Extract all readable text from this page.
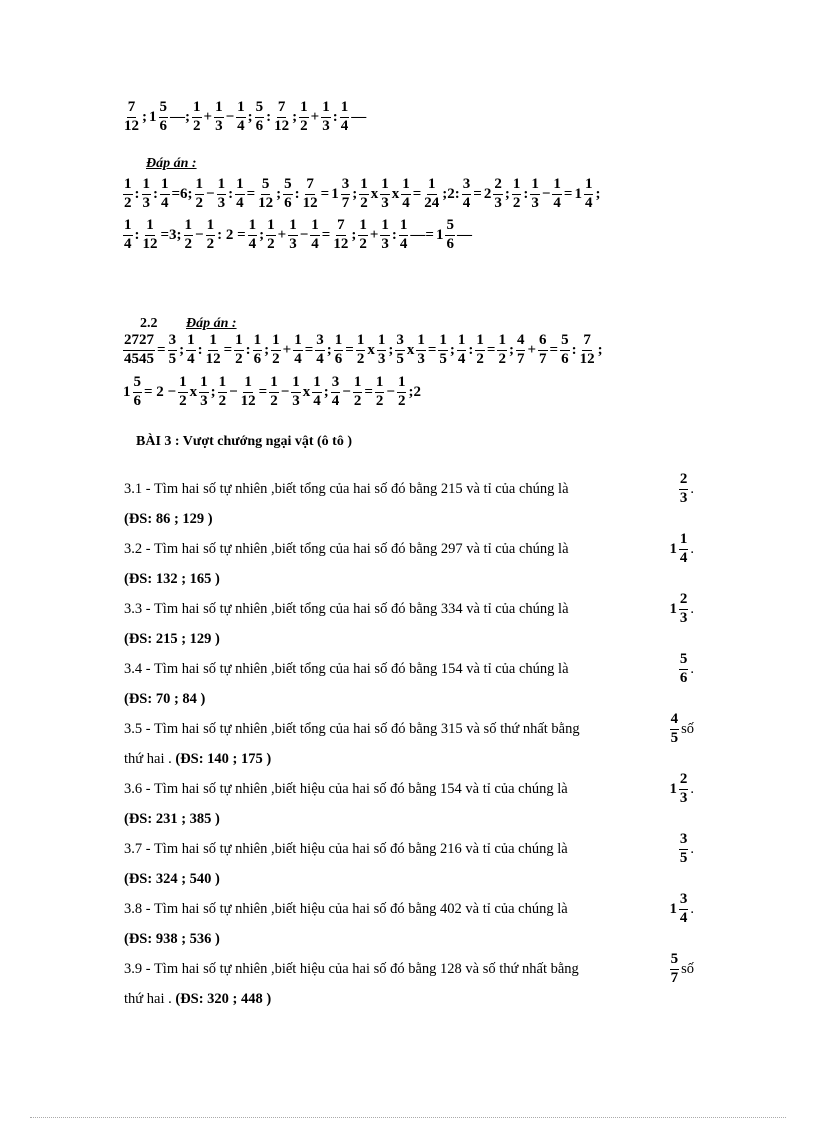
$\frac{7}{12}$ ; $1 \frac{5}{6}$ —; $\frac{1}{2} + \frac{1}{3} - \frac{1}{4}$ ; $\frac{5}{6}$ : $\frac{7}{12}$ ; $\frac{1}{2} + \frac{1}{3}$ : $\frac{1}{4}$ —
Đáp án :
$\frac{1}{2}$ : $\frac{1}{3}$ : $\frac{1}{4} =6$; $\frac{1}{2} - \frac{1}{3}$ : $\frac{1}{4} = \frac{5}{12}$ ; $\frac{5}{6}$ : $\frac{7}{12} = 1 \frac{3}{7}$ ; $\frac{1}{2}$ x $\frac{1}{3}$ x $\frac{1}{4} = \frac{1}{24}$ ;2: $\frac{3}{4} = 2 \frac{2}{3}$ ; $\frac{1}{2}$ : $\frac{1}{3} - \frac{1}{4} = 1 \frac{1}{4}$ ;
$\frac{1}{4}$ : $\frac{1}{12} =3$; $\frac{1}{2} - \frac{1}{2}$ : $2 = \frac{1}{4}$ ; $\frac{1}{2} + \frac{1}{3} - \frac{1}{4} = \frac{7}{12}$ ; $\frac{1}{2} + \frac{1}{3}$ : $\frac{1}{4}$ —= $1 \frac{5}{6}$ —
2.2 Đáp án :
$\frac{2727}{4545} = \frac{3}{5}$ ; $\frac{1}{4}$ : $\frac{1}{12} = \frac{1}{2}$ : $\frac{1}{6}$ ; $\frac{1}{2} + \frac{1}{4} = \frac{3}{4}$ ; $\frac{1}{6} = \frac{1}{2}$ x $\frac{1}{3}$ ; $\frac{3}{5}$ x $\frac{1}{3} = \frac{1}{5}$ ; $\frac{1}{4}$ : $\frac{1}{2} = \frac{1}{2}$ ; $\frac{4}{7} + \frac{6}{7} = \frac{5}{6}$ : $\frac{7}{12}$ ;
$1 \frac{5}{6} = 2 - \frac{1}{2}$ x $\frac{1}{3}$ ; $\frac{1}{2} - \frac{1}{12} = \frac{1}{2} - \frac{1}{3}$ x $\frac{1}{4}$ ; $\frac{3}{4} - \frac{1}{2} = \frac{1}{2} - \frac{1}{2}$ ;2
BÀI 3 : Vượt chướng ngại vật (ô tô )
3.1 - Tìm hai số tự nhiên ,biết tổng của hai số đó bằng 215 và tỉ của chúng là	$\frac{2}{3}$ .
(ĐS: 86 ; 129 )
3.2 - Tìm hai số tự nhiên ,biết tổng của hai số đó bằng 297 và tỉ của chúng là	$1 \frac{1}{4}$ .
(ĐS: 132 ; 165 )
3.3 - Tìm hai số tự nhiên ,biết tổng của hai số đó bằng 334 và tỉ của chúng là	$1 \frac{2}{3}$ .
(ĐS: 215 ; 129 )
3.4 - Tìm hai số tự nhiên ,biết tổng của hai số đó bằng 154 và tỉ của chúng là	$\frac{5}{6}$ .
(ĐS: 70 ; 84 )
3.5 - Tìm hai số tự nhiên ,biết tổng của hai số đó bằng 315 và số thứ nhất bằng	$\frac{4}{5}$ số
thứ hai . (ĐS: 140 ; 175 )
3.6 - Tìm hai số tự nhiên ,biết hiệu của hai số đó bằng 154 và tỉ của chúng là	$1 \frac{2}{3}$ .
(ĐS: 231 ; 385 )
3.7 - Tìm hai số tự nhiên ,biết hiệu của hai số đó bằng 216 và tỉ của chúng là	$\frac{3}{5}$ .
(ĐS: 324 ; 540 )
3.8 - Tìm hai số tự nhiên ,biết hiệu của hai số đó bằng 402 và tỉ của chúng là	$1 \frac{3}{4}$ .
(ĐS: 938 ; 536 )
3.9 - Tìm hai số tự nhiên ,biết hiệu của hai số đó bằng 128 và số thứ nhất bằng	$\frac{5}{7}$ số
thứ hai . (ĐS: 320 ; 448 )
